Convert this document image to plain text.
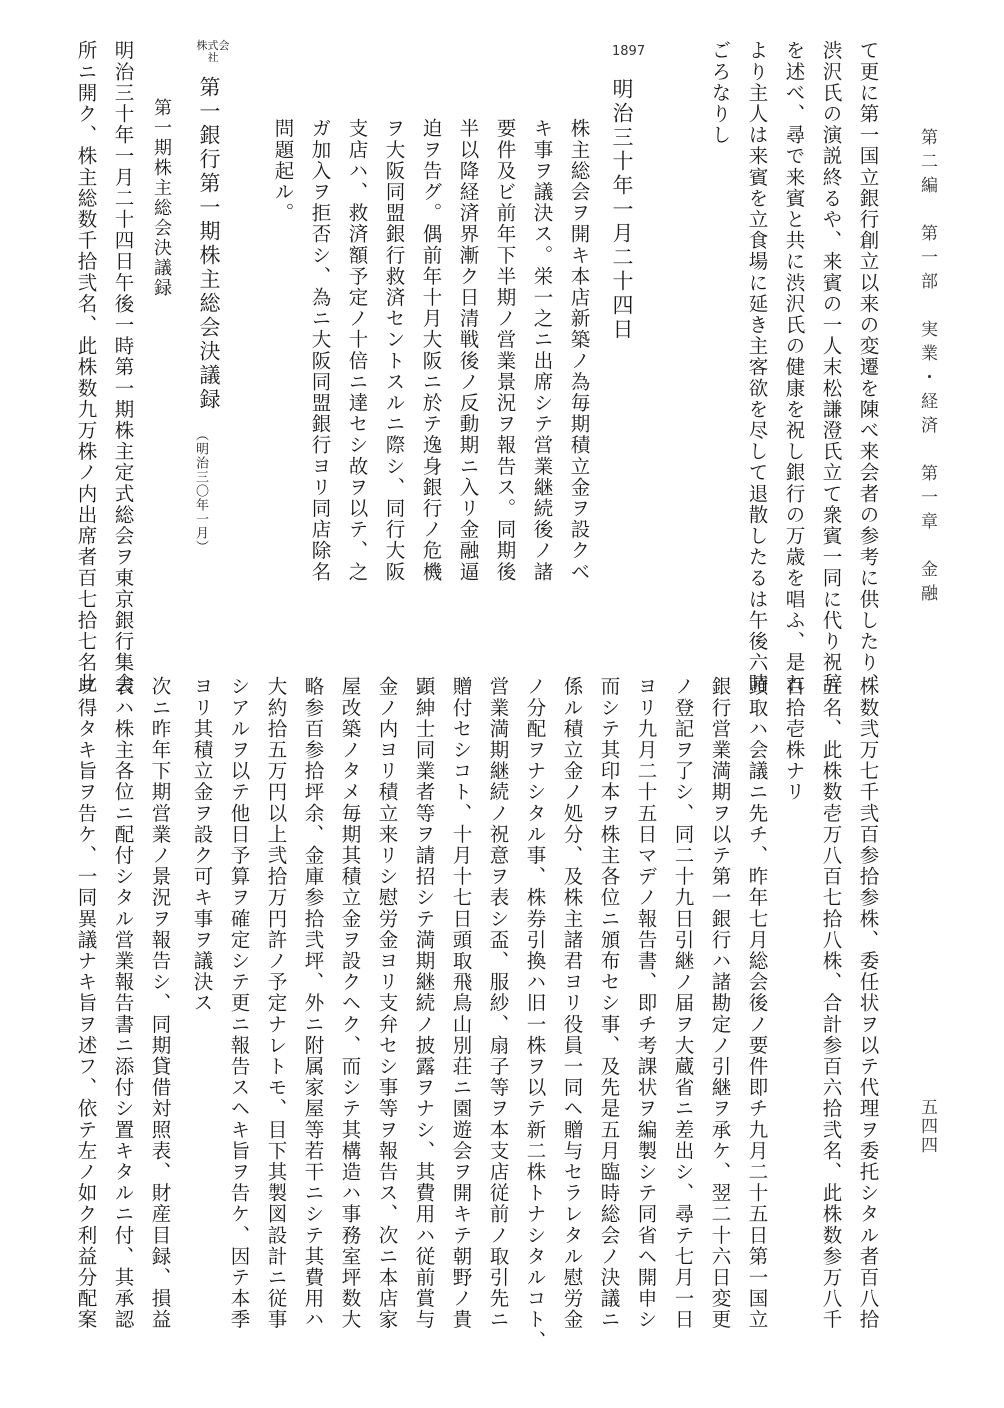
第二編　第一部　実業・経済　第一章　金融
五四四
て更に第一国立銀行創立以来の変遷を陳べ来会者の参考に供したり、
渋沢氏の演説終るや、来賓の一人末松謙澄氏立て衆賓一同に代り祝辞
を述べ、尋で来賓と共に渋沢氏の健康を祝し銀行の万歳を唱ふ、是れ
より主人は来賓を立食場に延き主客欲を尽して退散したるは午後六時
ごろなりし
1897
明治三十年一月二十四日
株主総会ヲ開キ本店新築ノ為毎期積立金ヲ設クベ
キ事ヲ議決ス。栄一之ニ出席シテ営業継続後ノ諸
要件及ビ前年下半期ノ営業景況ヲ報告ス。同期後
半以降経済界漸ク日清戦後ノ反動期ニ入リ金融逼
迫ヲ告グ。偶前年十月大阪ニ於テ逸身銀行ノ危機
ヲ大阪同盟銀行救済セントスルニ際シ、同行大阪
支店ハ、救済額予定ノ十倍ニ達セシ故ヲ以テ、之
ガ加入ヲ拒否シ、為ニ大阪同盟銀行ヨリ同店除名
問題起ル。
株式会社
第一銀行第一期株主総会決議録
（明治三〇年一月）
第一期株主総会決議録
明治三十年一月二十四日午後一時第一期株主定式総会ヲ東京銀行集会
所ニ開ク、株主総数千拾弐名、此株数九万株ノ内出席者百七拾七名此
株数弐万七千弐百参拾参株、委任状ヲ以テ代理ヲ委托シタル者百八拾
五名、此株数壱万八百七拾八株、合計参百六拾弐名、此株数参万八千
百拾壱株ナリ
頭取ハ会議ニ先チ、昨年七月総会後ノ要件即チ九月二十五日第一国立
銀行営業満期ヲ以テ第一銀行ハ諸勘定ノ引継ヲ承ケ、翌二十六日変更
ノ登記ヲ了シ、同二十九日引継ノ届ヲ大蔵省ニ差出シ、尋テ七月一日
ヨリ九月二十五日マデノ報告書、即チ考課状ヲ編製シテ同省ヘ開申シ
而シテ其印本ヲ株主各位ニ頒布セシ事、及先是五月臨時総会ノ決議ニ
係ル積立金ノ処分、及株主諸君ヨリ役員一同ヘ贈与セラレタル慰労金
ノ分配ヲナシタル事、株券引換ハ旧一株ヲ以テ新二株トナシタルコト、
営業満期継続ノ祝意ヲ表シ盃、服紗、扇子等ヲ本支店従前ノ取引先ニ
贈付セシコト、十月十七日頭取飛鳥山別荘ニ園遊会ヲ開キテ朝野ノ貴
顕紳士同業者等ヲ請招シテ満期継続ノ披露ヲナシ、其費用ハ従前賞与
金ノ内ヨリ積立来リシ慰労金ヨリ支弁セシ事等ヲ報告ス、次ニ本店家
屋改築ノタメ毎期其積立金ヲ設クヘク、而シテ其構造ハ事務室坪数大
略参百参拾坪余、金庫参拾弐坪、外ニ附属家屋等若干ニシテ其費用ハ
大約拾五万円以上弐拾万円許ノ予定ナレトモ、目下其製図設計ニ従事
シアルヲ以テ他日予算ヲ確定シテ更ニ報告スヘキ旨ヲ告ケ、因テ本季
ヨリ其積立金ヲ設ク可キ事ヲ議決ス
次ニ昨年下期営業ノ景況ヲ報告シ、同期貸借対照表、財産目録、損益
表ハ株主各位ニ配付シタル営業報告書ニ添付シ置キタルニ付、其承認
ヲ得タキ旨ヲ告ケ、一同異議ナキ旨ヲ述フ、依テ左ノ如ク利益分配案
